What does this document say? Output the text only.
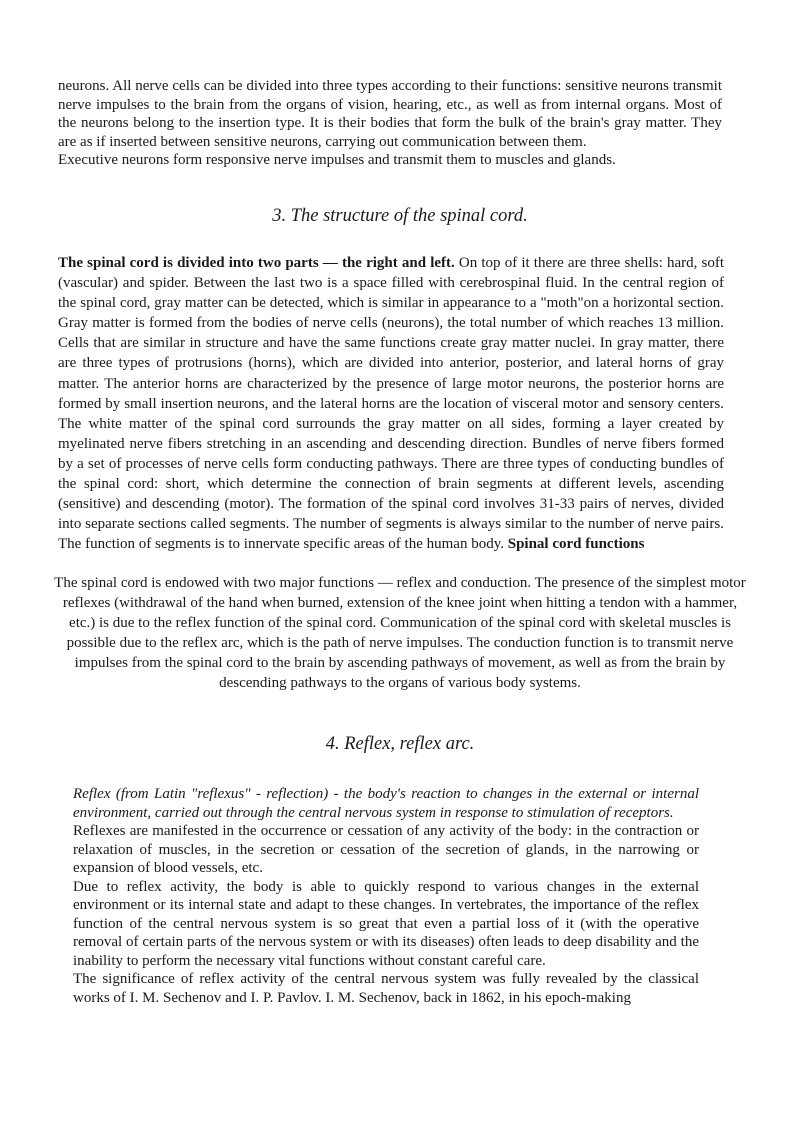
neurons. All nerve cells can be divided into three types according to their functions: sensitive neurons transmit nerve impulses to the brain from the organs of vision, hearing, etc., as well as from internal organs. Most of the neurons belong to the insertion type. It is their bodies that form the bulk of the brain's gray matter. They are as if inserted between sensitive neurons, carrying out communication between them.

Executive neurons form responsive nerve impulses and transmit them to muscles and glands.

3. The structure of the spinal cord.

The spinal cord is divided into two parts — the right and left. On top of it there are three shells: hard, soft (vascular) and spider. Between the last two is a space filled with cerebrospinal fluid. In the central region of the spinal cord, gray matter can be detected, which is similar in appearance to a "moth"on a horizontal section. Gray matter is formed from the bodies of nerve cells (neurons), the total number of which reaches 13 million. Cells that are similar in structure and have the same functions create gray matter nuclei. In gray matter, there are three types of protrusions (horns), which are divided into anterior, posterior, and lateral horns of gray matter. The anterior horns are characterized by the presence of large motor neurons, the posterior horns are formed by small insertion neurons, and the lateral horns are the location of visceral motor and sensory centers. The white matter of the spinal cord surrounds the gray matter on all sides, forming a layer created by myelinated nerve fibers stretching in an ascending and descending direction. Bundles of nerve fibers formed by a set of processes of nerve cells form conducting pathways. There are three types of conducting bundles of the spinal cord: short, which determine the connection of brain segments at different levels, ascending (sensitive) and descending (motor). The formation of the spinal cord involves 31-33 pairs of nerves, divided into separate sections called segments. The number of segments is always similar to the number of nerve pairs. The function of segments is to innervate specific areas of the human body. Spinal cord functions

The spinal cord is endowed with two major functions — reflex and conduction. The presence of the simplest motor reflexes (withdrawal of the hand when burned, extension of the knee joint when hitting a tendon with a hammer, etc.) is due to the reflex function of the spinal cord. Communication of the spinal cord with skeletal muscles is possible due to the reflex arc, which is the path of nerve impulses. The conduction function is to transmit nerve impulses from the spinal cord to the brain by ascending pathways of movement, as well as from the brain by descending pathways to the organs of various body systems.

4. Reflex, reflex arc.

Reflex (from Latin "reflexus" - reflection) - the body's reaction to changes in the external or internal environment, carried out through the central nervous system in response to stimulation of receptors.

Reflexes are manifested in the occurrence or cessation of any activity of the body: in the contraction or relaxation of muscles, in the secretion or cessation of the secretion of glands, in the narrowing or expansion of blood vessels, etc.

Due to reflex activity, the body is able to quickly respond to various changes in the external environment or its internal state and adapt to these changes. In vertebrates, the importance of the reflex function of the central nervous system is so great that even a partial loss of it (with the operative removal of certain parts of the nervous system or with its diseases) often leads to deep disability and the inability to perform the necessary vital functions without constant careful care.

The significance of reflex activity of the central nervous system was fully revealed by the classical works of I. M. Sechenov and I. P. Pavlov. I. M. Sechenov, back in 1862, in his epoch-making
